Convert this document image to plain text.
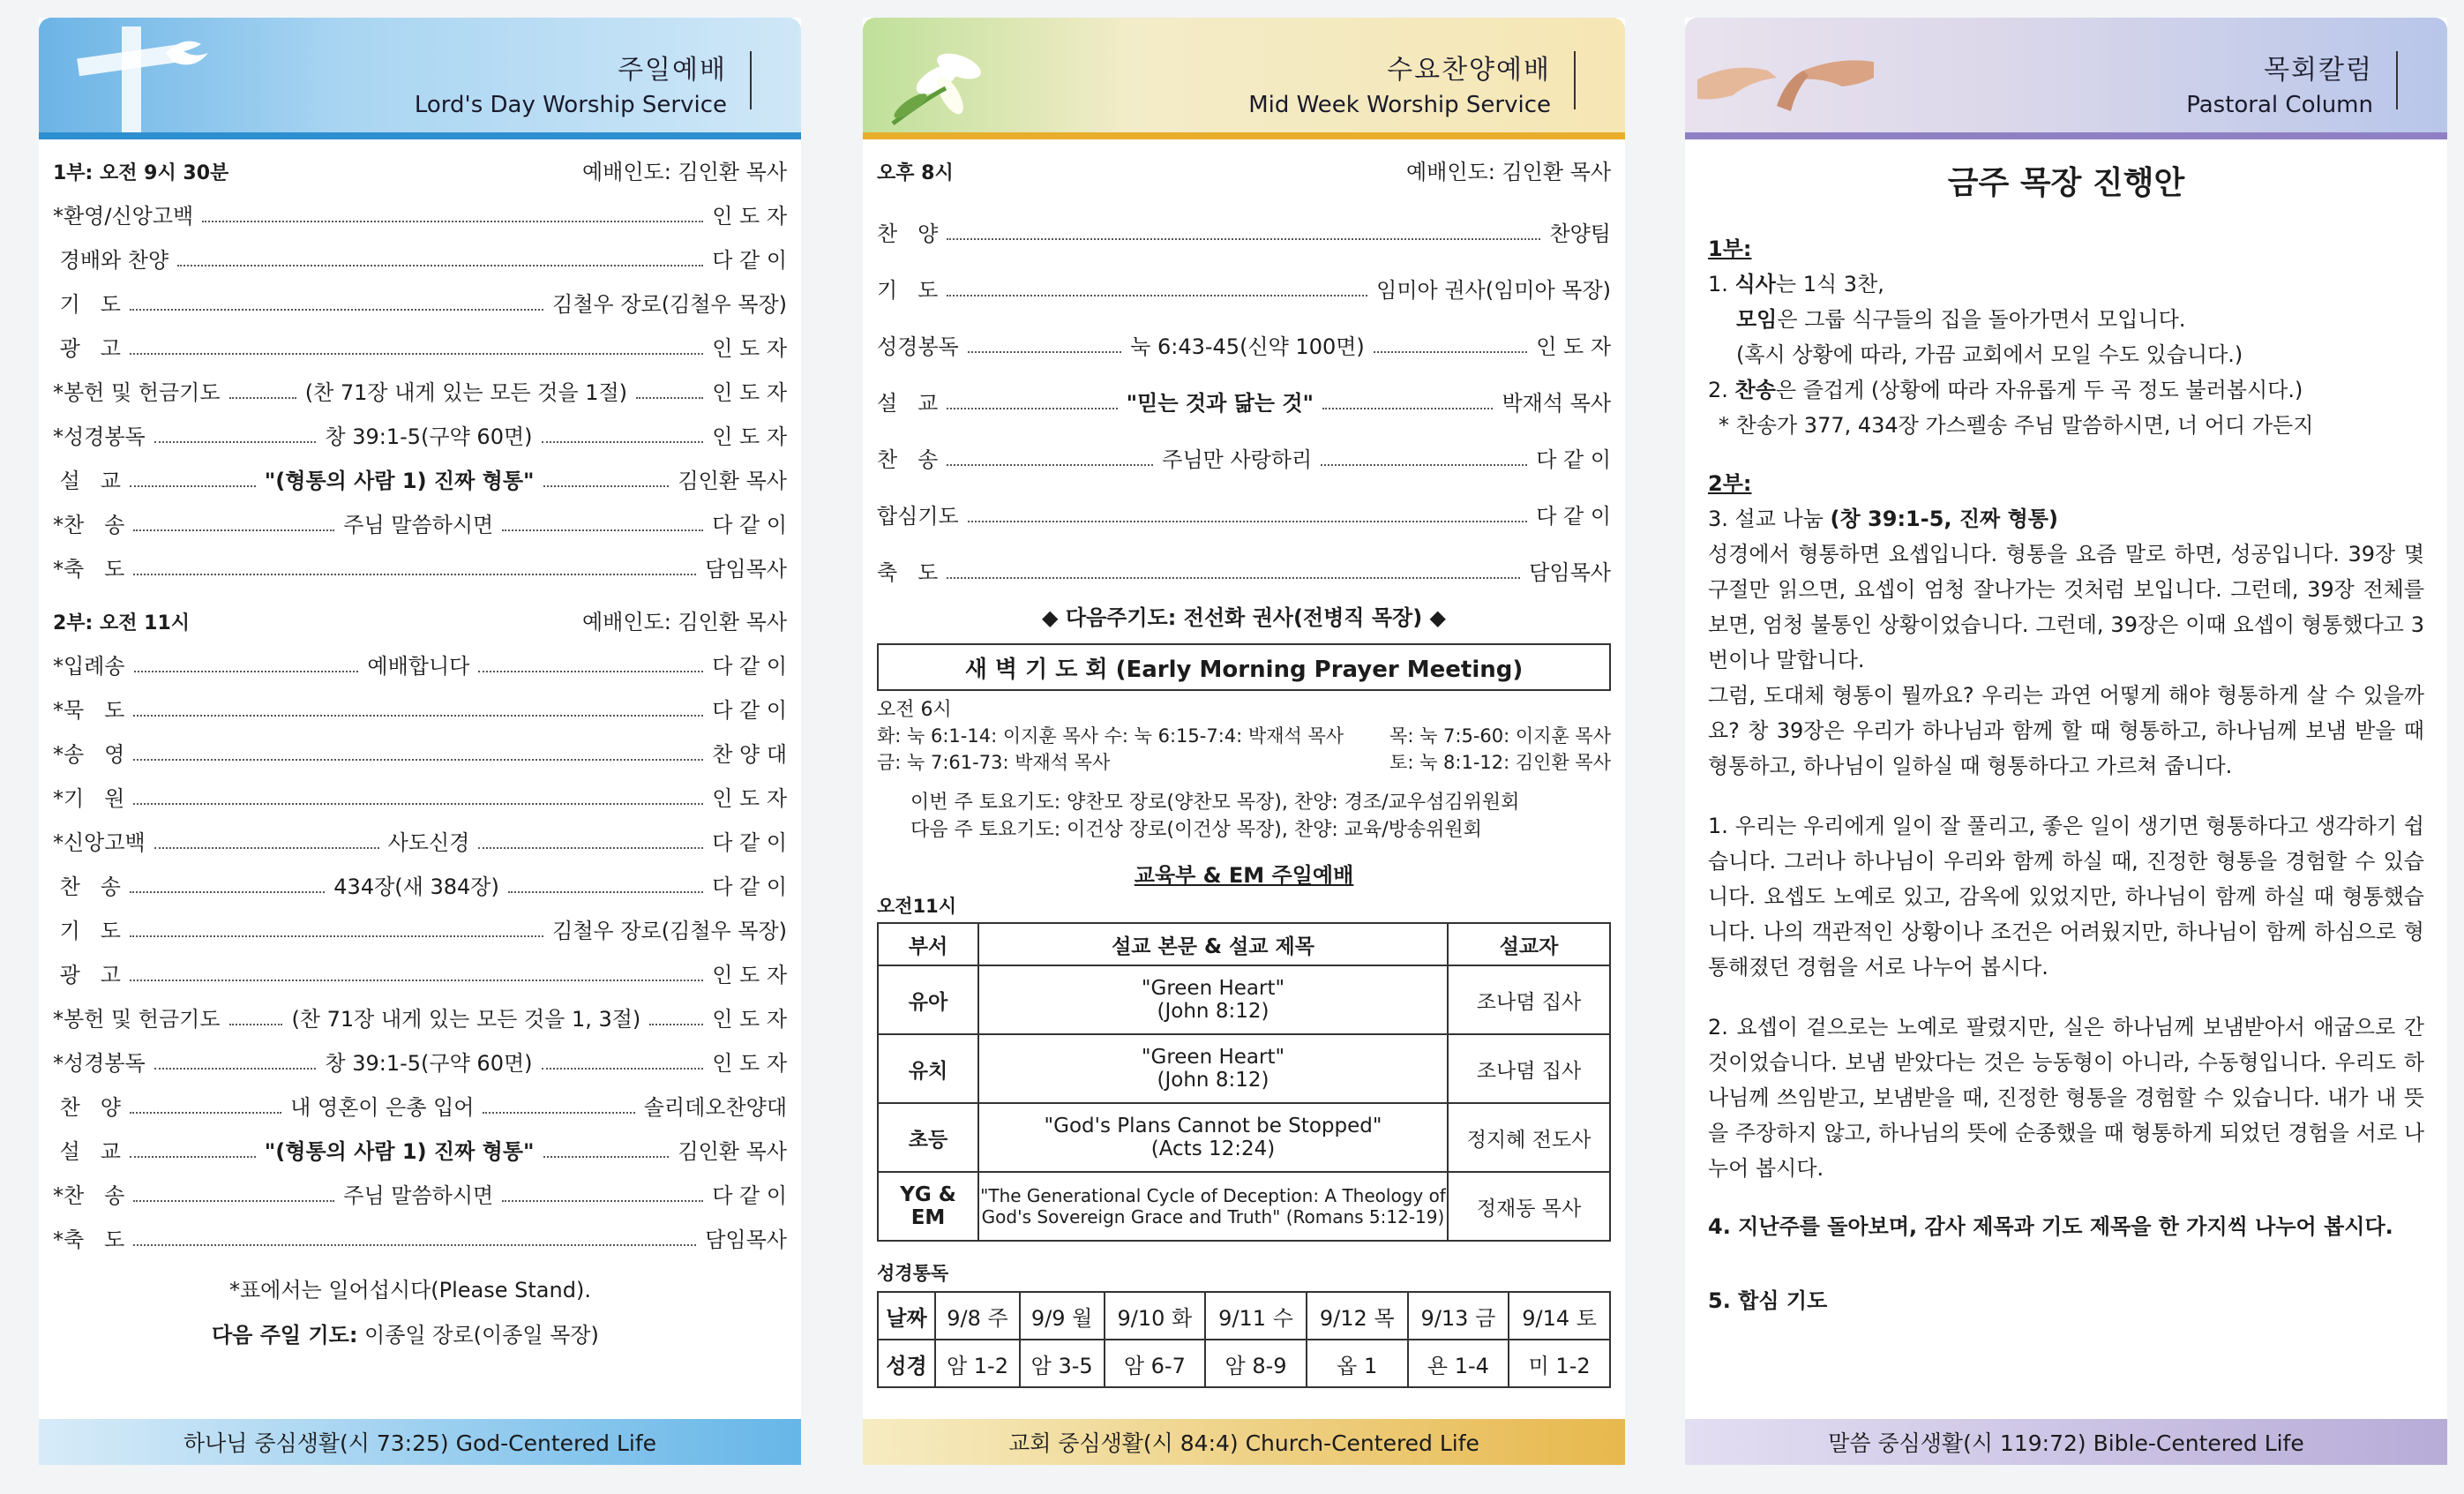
주일예배
Lord's Day Worship Service
1부: 오전 9시 30분	예배인도: 김인환 목사
*환영/신앙고백	인 도 자
경배와 찬양	다 같 이
기   도	김철우 장로(김철우 목장)
광   고	인 도 자
*봉헌 및 헌금기도	(찬 71장 내게 있는 모든 것을 1절)	인 도 자
*성경봉독	창 39:1-5(구약 60면)	인 도 자
설   교	"(형통의 사람 1) 진짜 형통"	김인환 목사
*찬   송	주님 말씀하시면	다 같 이
*축   도	담임목사
2부: 오전 11시	예배인도: 김인환 목사
*입례송	예배합니다	다 같 이
*묵   도	다 같 이
*송   영	찬 양 대
*기   원	인 도 자
*신앙고백	사도신경	다 같 이
찬   송	434장(새 384장)	다 같 이
기   도	김철우 장로(김철우 목장)
광   고	인 도 자
*봉헌 및 헌금기도	(찬 71장 내게 있는 모든 것을 1, 3절)	인 도 자
*성경봉독	창 39:1-5(구약 60면)	인 도 자
찬   양	내 영혼이 은총 입어	솔리데오찬양대
설   교	"(형통의 사람 1) 진짜 형통"	김인환 목사
*찬   송	주님 말씀하시면	다 같 이
*축   도	담임목사
*표에서는 일어섭시다(Please Stand).
다음 주일 기도: 이종일 장로(이종일 목장)
하나님 중심생활(시 73:25) God-Centered Life
수요찬양예배
Mid Week Worship Service
오후 8시	예배인도: 김인환 목사
찬   양	찬양팀
기   도	임미아 권사(임미아 목장)
성경봉독	눅 6:43-45(신약 100면)	인 도 자
설   교	"믿는 것과 닮는 것"	박재석 목사
찬   송	주님만 사랑하리	다 같 이
합심기도	다 같 이
축   도	담임목사
◆ 다음주기도: 전선화 권사(전병직 목장) ◆
새 벽 기 도 회 (Early Morning Prayer Meeting)
오전 6시
화: 눅 6:1-14: 이지훈 목사 수: 눅 6:15-7:4: 박재석 목사 목: 눅 7:5-60: 이지훈 목사
금: 눅 7:61-73: 박재석 목사	토: 눅 8:1-12: 김인환 목사
이번 주 토요기도: 양찬모 장로(양찬모 목장), 찬양: 경조/교우섬김위원회
다음 주 토요기도: 이건상 장로(이건상 목장), 찬양: 교육/방송위원회
교육부 & EM 주일예배
오전11시
부서	설교 본문 & 설교 제목	설교자
유아	"Green Heart"
(John 8:12)	조나뎜 집사
유치	"Green Heart"
(John 8:12)	조나뎜 집사
초등	"God's Plans Cannot be Stopped"
(Acts 12:24)	정지혜 전도사
YG & EM	"The Generational Cycle of Deception: A Theology of
God's Sovereign Grace and Truth" (Romans 5:12-19)	정재동 목사
성경통독
날짜	9/8 주	9/9 월	9/10 화	9/11 수	9/12 목	9/13 금	9/14 토
성경	암 1-2	암 3-5	암 6-7	암 8-9	옵 1	욘 1-4	미 1-2
교회 중심생활(시 84:4) Church-Centered Life
목회칼럼
Pastoral Column
금주 목장 진행안
1부:

1. 식사는 1식 3찬,

모임은 그룹 식구들의 집을 돌아가면서 모입니다.

(혹시 상황에 따라, 가끔 교회에서 모일 수도 있습니다.)

2. 찬송은 즐겁게 (상황에 따라 자유롭게 두 곡 정도 불러봅시다.)

* 찬송가 377, 434장 가스펠송 주님 말씀하시면, 너 어디 가든지

2부:

3. 설교 나눔 (창 39:1-5, 진짜 형통)

성경에서 형통하면 요셉입니다. 형통을 요즘 말로 하면, 성공입니다. 39장 몇 구절만 읽으면, 요셉이 엄청 잘나가는 것처럼 보입니다. 그런데, 39장 전체를 보면, 엄청 불통인 상황이었습니다. 그런데, 39장은 이때 요셉이 형통했다고 3번이나 말합니다.

그럼, 도대체 형통이 뭘까요? 우리는 과연 어떻게 해야 형통하게 살 수 있을까요? 창 39장은 우리가 하나님과 함께 할 때 형통하고, 하나님께 보냄 받을 때 형통하고, 하나님이 일하실 때 형통하다고 가르쳐 줍니다.

1. 우리는 우리에게 일이 잘 풀리고, 좋은 일이 생기면 형통하다고 생각하기 쉽습니다. 그러나 하나님이 우리와 함께 하실 때, 진정한 형통을 경험할 수 있습니다. 요셉도 노예로 있고, 감옥에 있었지만, 하나님이 함께 하실 때 형통했습니다. 나의 객관적인 상황이나 조건은 어려웠지만, 하나님이 함께 하심으로 형통해졌던 경험을 서로 나누어 봅시다.

2. 요셉이 겉으로는 노예로 팔렸지만, 실은 하나님께 보냄받아서 애굽으로 간 것이었습니다. 보냄 받았다는 것은 능동형이 아니라, 수동형입니다. 우리도 하나님께 쓰임받고, 보냄받을 때, 진정한 형통을 경험할 수 있습니다. 내가 내 뜻을 주장하지 않고, 하나님의 뜻에 순종했을 때 형통하게 되었던 경험을 서로 나누어 봅시다.

4. 지난주를 돌아보며, 감사 제목과 기도 제목을 한 가지씩 나누어 봅시다.

5. 합심 기도

말씀 중심생활(시 119:72) Bible-Centered Life
